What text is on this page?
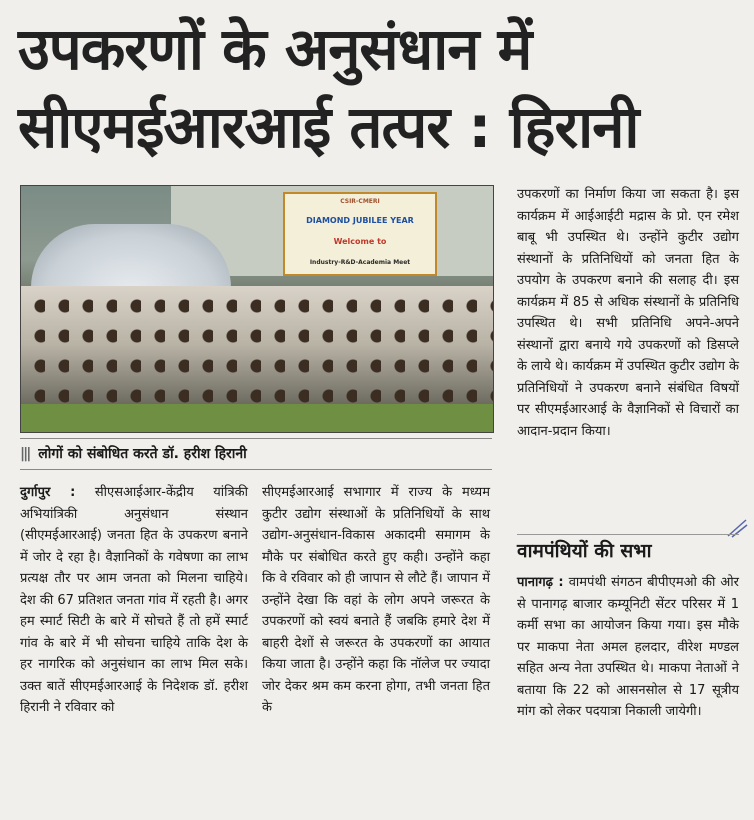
उपकरणों के अनुसंधान में
सीएमईआरआई तत्पर : हिरानी
CSIR-CMERI
DIAMOND JUBILEE YEAR
Welcome to
Industry-R&D-Academia Meet
||| लोगों को संबोधित करते डॉ. हरीश हिरानी
दुर्गापुर : सीएसआईआर-केंद्रीय यांत्रिकी अभियांत्रिकी अनुसंधान संस्थान (सीएमईआरआई) जनता हित के उपकरण बनाने में जोर दे रहा है। वैज्ञानिकों के गवेषणा का लाभ प्रत्यक्ष तौर पर आम जनता को मिलना चाहिये। देश की 67 प्रतिशत जनता गांव में रहती है। अगर हम स्मार्ट सिटी के बारे में सोचते हैं तो हमें स्मार्ट गांव के बारे में भी सोचना चाहिये ताकि देश के हर नागरिक को अनुसंधान का लाभ मिल सके। उक्त बातें सीएमईआरआई के निदेशक डॉ. हरीश हिरानी ने रविवार को
सीएमईआरआई सभागार में राज्य के मध्यम कुटीर उद्योग संस्थाओं के प्रतिनिधियों के साथ उद्योग-अनुसंधान-विकास अकादमी समागम के मौके पर संबोधित करते हुए कही। उन्होंने कहा कि वे रविवार को ही जापान से लौटे हैं। जापान में उन्होंने देखा कि वहां के लोग अपने जरूरत के उपकरणों को स्वयं बनाते हैं जबकि हमारे देश में बाहरी देशों से जरूरत के उपकरणों का आयात किया जाता है। उन्होंने कहा कि नॉलेज पर ज्यादा जोर देकर श्रम कम करना होगा, तभी जनता हित के
उपकरणों का निर्माण किया जा सकता है। इस कार्यक्रम में आईआईटी मद्रास के प्रो. एन रमेश बाबू भी उपस्थित थे। उन्होंने कुटीर उद्योग संस्थानों के प्रतिनिधियों को जनता हित के उपयोग के उपकरण बनाने की सलाह दी। इस कार्यक्रम में 85 से अधिक संस्थानों के प्रतिनिधि उपस्थित थे। सभी प्रतिनिधि अपने-अपने संस्थानों द्वारा बनाये गये उपकरणों को डिसप्ले के लाये थे। कार्यक्रम में उपस्थित कुटीर उद्योग के प्रतिनिधियों ने उपकरण बनाने संबंधित विषयों पर सीएमईआरआई के वैज्ञानिकों से विचारों का आदान-प्रदान किया।
वामपंथियों की सभा
पानागढ़ : वामपंथी संगठन बीपीएमओ की ओर से पानागढ़ बाजार कम्यूनिटी सेंटर परिसर में 1 कर्मी सभा का आयोजन किया गया। इस मौके पर माकपा नेता अमल हलदार, वीरेश मण्डल सहित अन्य नेता उपस्थित थे। माकपा नेताओं ने बताया कि 22 को आसनसोल से 17 सूत्रीय मांग को लेकर पदयात्रा निकाली जायेगी।
